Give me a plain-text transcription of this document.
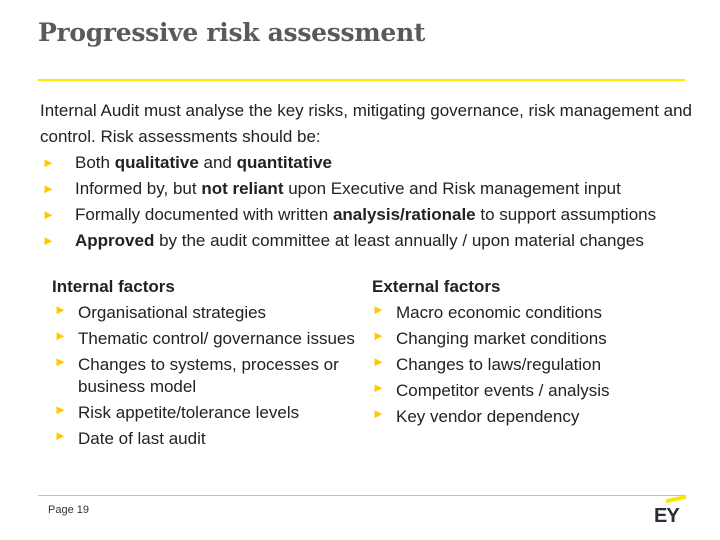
Progressive risk assessment

Internal Audit must analyse the key risks, mitigating governance, risk management and control. Risk assessments should be:

►	Both qualitative and quantitative
►	Informed by, but not reliant upon Executive and Risk management input
►	Formally documented with written analysis/rationale to support assumptions
►	Approved by the audit committee at least annually / upon material changes

Internal factors

► Organisational strategies
► Thematic control/ governance issues
► Changes to systems, processes or business model
► Risk appetite/tolerance levels
► Date of last audit

External factors

► Macro economic conditions
► Changing market conditions
► Changes to laws/regulation
► Competitor events / analysis
► Key vendor dependency
Page 19	EY
